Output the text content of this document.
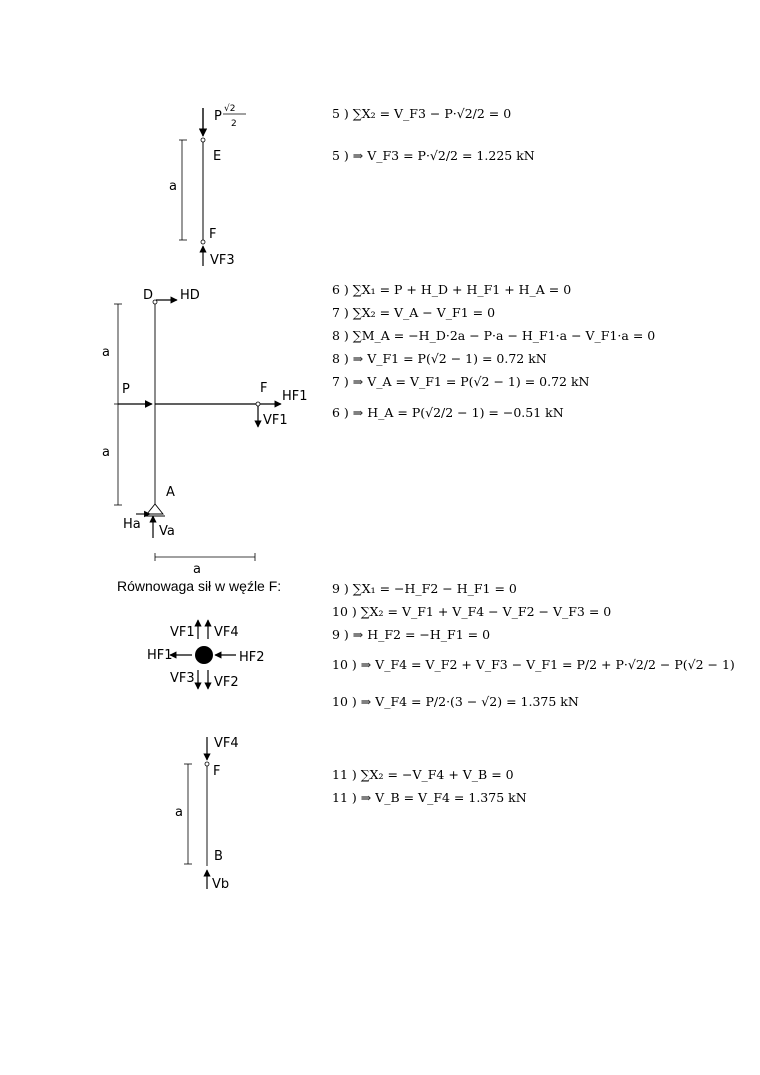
P √2
2
E
F
a
VF3
D HD
P	F
HF1
VF1
a
a
A
Ha Va
a
VF1 VF4
HF1	HF2
VF3 VF2
VF4
F
a
B
Vb
Równowaga sił w węźle F:
5 ) ∑X₂ = V_F3 − P·√2/2 = 0
5 ) ⇒ V_F3 = P·√2/2 = 1.225 kN
6 ) ∑X₁ = P + H_D + H_F1 + H_A = 0
7 ) ∑X₂ = V_A − V_F1 = 0
8 ) ∑M_A = −H_D·2a − P·a − H_F1·a − V_F1·a = 0
8 ) ⇒ V_F1 = P(√2 − 1) = 0.72 kN
7 ) ⇒ V_A = V_F1 = P(√2 − 1) = 0.72 kN
6 ) ⇒ H_A = P(√2/2 − 1) = −0.51 kN
9 ) ∑X₁ = −H_F2 − H_F1 = 0
10 ) ∑X₂ = V_F1 + V_F4 − V_F2 − V_F3 = 0
9 ) ⇒ H_F2 = −H_F1 = 0
10 ) ⇒ V_F4 = V_F2 + V_F3 − V_F1 = P/2 + P·√2/2 − P(√2 − 1)
10 ) ⇒ V_F4 = P/2·(3 − √2) = 1.375 kN
11 ) ∑X₂ = −V_F4 + V_B = 0
11 ) ⇒ V_B = V_F4 = 1.375 kN
